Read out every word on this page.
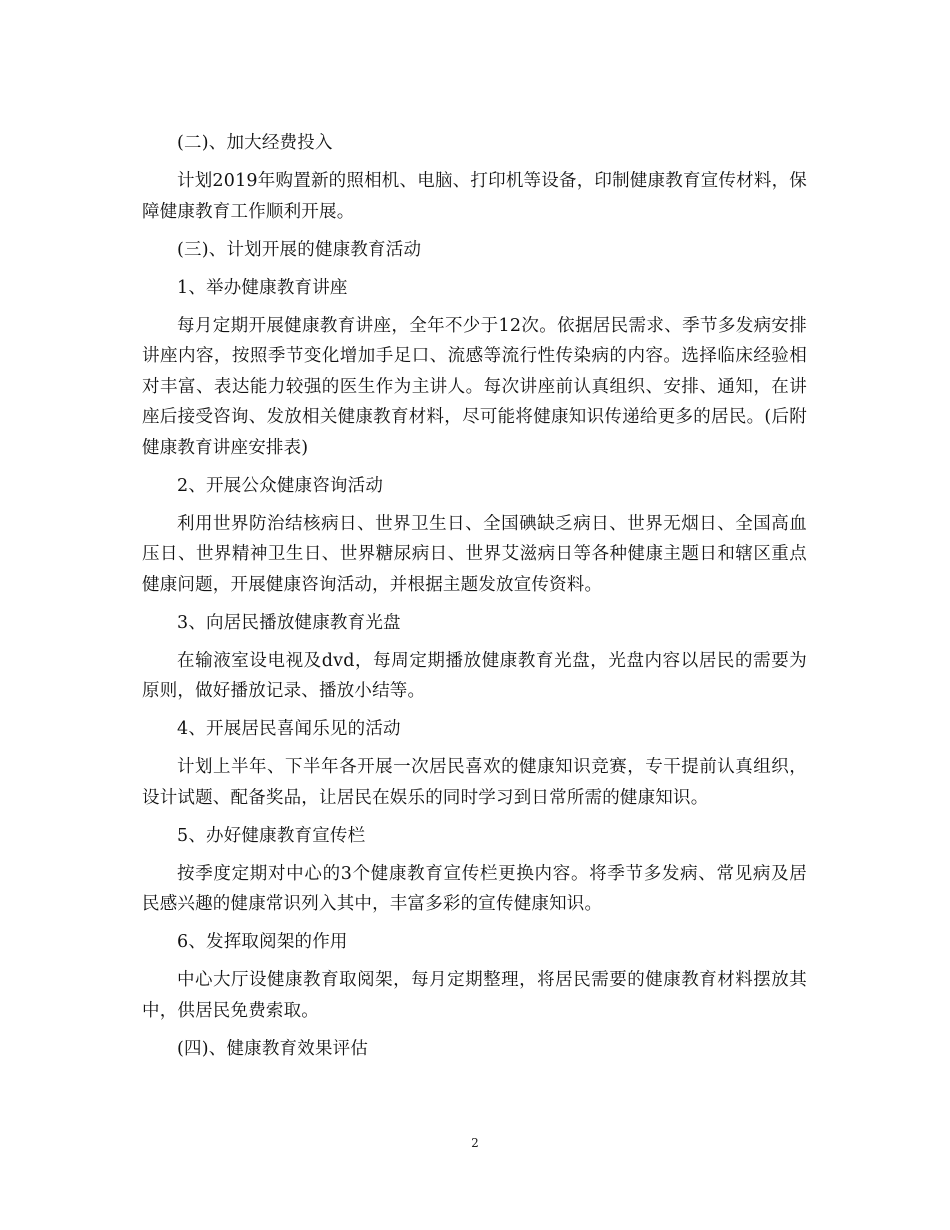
(二)、加大经费投入

计划2019年购置新的照相机、电脑、打印机等设备，印制健康教育宣传材料，保障健康教育工作顺利开展。

(三)、计划开展的健康教育活动

1、举办健康教育讲座

每月定期开展健康教育讲座，全年不少于12次。依据居民需求、季节多发病安排讲座内容，按照季节变化增加手足口、流感等流行性传染病的内容。选择临床经验相对丰富、表达能力较强的医生作为主讲人。每次讲座前认真组织、安排、通知，在讲座后接受咨询、发放相关健康教育材料，尽可能将健康知识传递给更多的居民。(后附健康教育讲座安排表)

2、开展公众健康咨询活动

利用世界防治结核病日、世界卫生日、全国碘缺乏病日、世界无烟日、全国高血压日、世界精神卫生日、世界糖尿病日、世界艾滋病日等各种健康主题日和辖区重点健康问题，开展健康咨询活动，并根据主题发放宣传资料。

3、向居民播放健康教育光盘

在输液室设电视及dvd，每周定期播放健康教育光盘，光盘内容以居民的需要为原则，做好播放记录、播放小结等。

4、开展居民喜闻乐见的活动

计划上半年、下半年各开展一次居民喜欢的健康知识竞赛，专干提前认真组织，设计试题、配备奖品，让居民在娱乐的同时学习到日常所需的健康知识。

5、办好健康教育宣传栏

按季度定期对中心的3个健康教育宣传栏更换内容。将季节多发病、常见病及居民感兴趣的健康常识列入其中，丰富多彩的宣传健康知识。

6、发挥取阅架的作用

中心大厅设健康教育取阅架，每月定期整理，将居民需要的健康教育材料摆放其中，供居民免费索取。

(四)、健康教育效果评估

2
